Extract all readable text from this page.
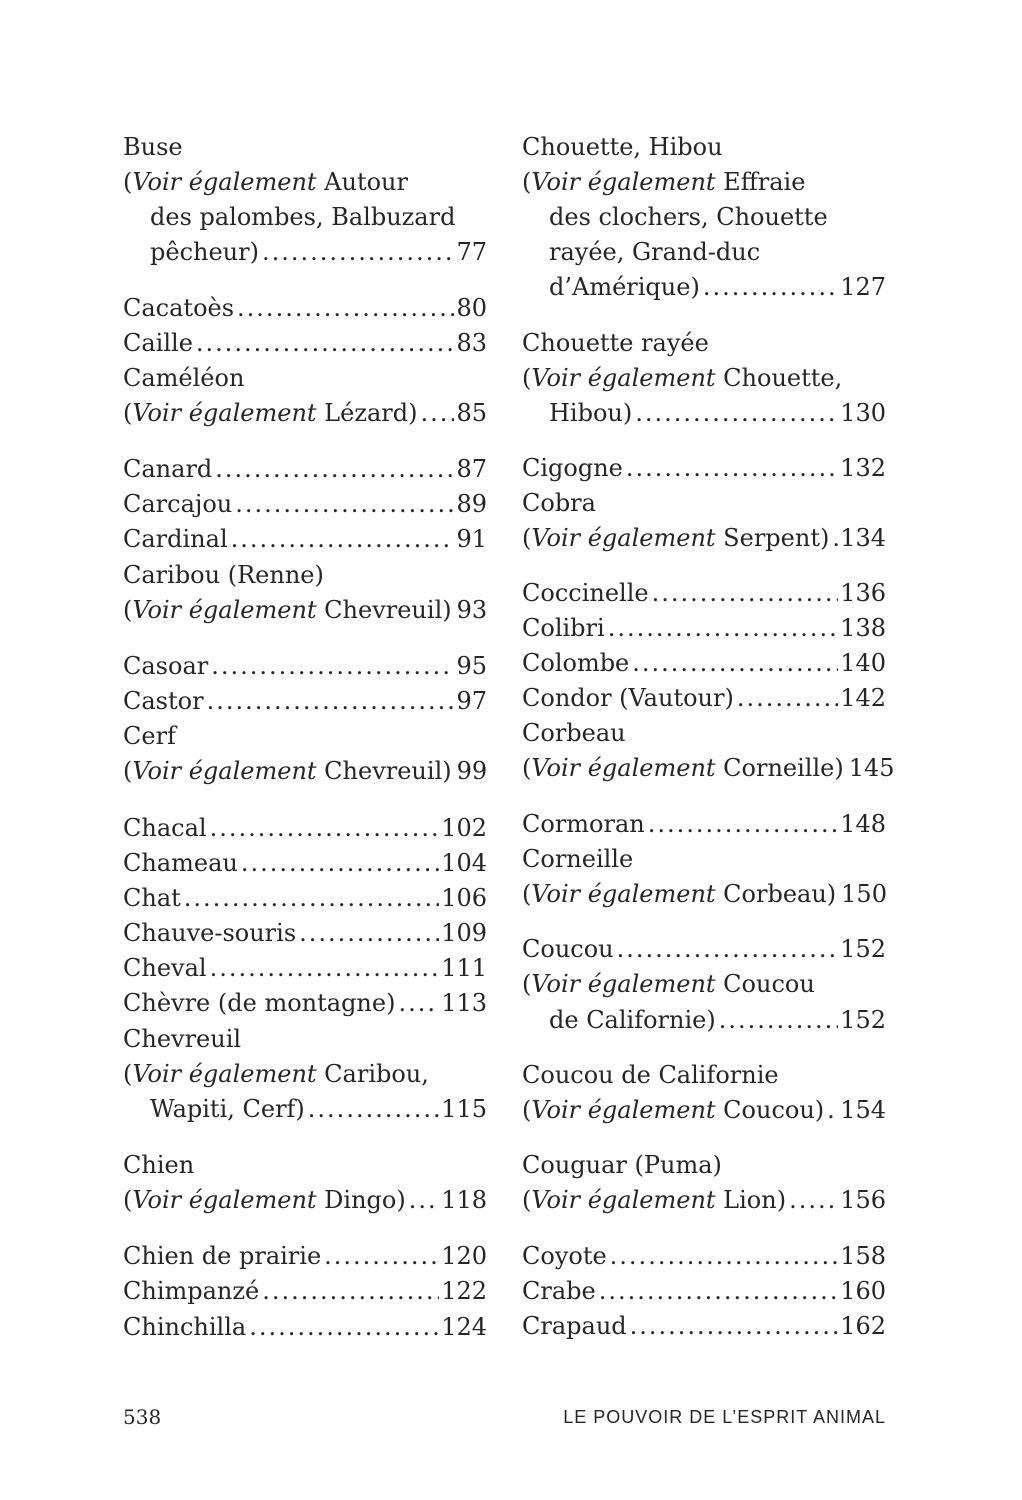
Buse
(Voir également Autour
des palombes, Balbuzard
pêcheur) .....	77
Cacatoès .....	80
Caille .....	83
Caméléon
(Voir également Lézard) ..... 85
Canard .....	87
Carcajou .....	89
Cardinal .....	91
Caribou (Renne)
(Voir également Chevreuil) 93
Casoar .....	95
Castor .....	97
Cerf
(Voir également Chevreuil) 99
Chacal .....	102
Chameau .....	104
Chat .....	106
Chauve-souris .....	109
Cheval .....	111
Chèvre (de montagne) ..... 113
Chevreuil
(Voir également Caribou,
Wapiti, Cerf) .....	115
Chien
(Voir également Dingo) ..... 118
Chien de prairie .....	120
Chimpanzé .....	122
Chinchilla .....	124
Chouette, Hibou
(Voir également Effraie
des clochers, Chouette
rayée, Grand-duc
d’Amérique) .....	127
Chouette rayée
(Voir également Chouette,
Hibou) .....	130
Cigogne .....	132
Cobra
(Voir également Serpent) ..... 134
Coccinelle .....	136
Colibri .....	138
Colombe .....	140
Condor (Vautour) .....	142
Corbeau
(Voir également Corneille) 145
Cormoran .....	148
Corneille
(Voir également Corbeau) 150
Coucou .....	152
(Voir également Coucou
de Californie) .....	152
Coucou de Californie
(Voir également Coucou) ..... 154
Couguar (Puma)
(Voir également Lion) ..... 156
Coyote .....	158
Crabe .....	160
Crapaud .....	162
538	LE POUVOIR DE L’ESPRIT ANIMAL
